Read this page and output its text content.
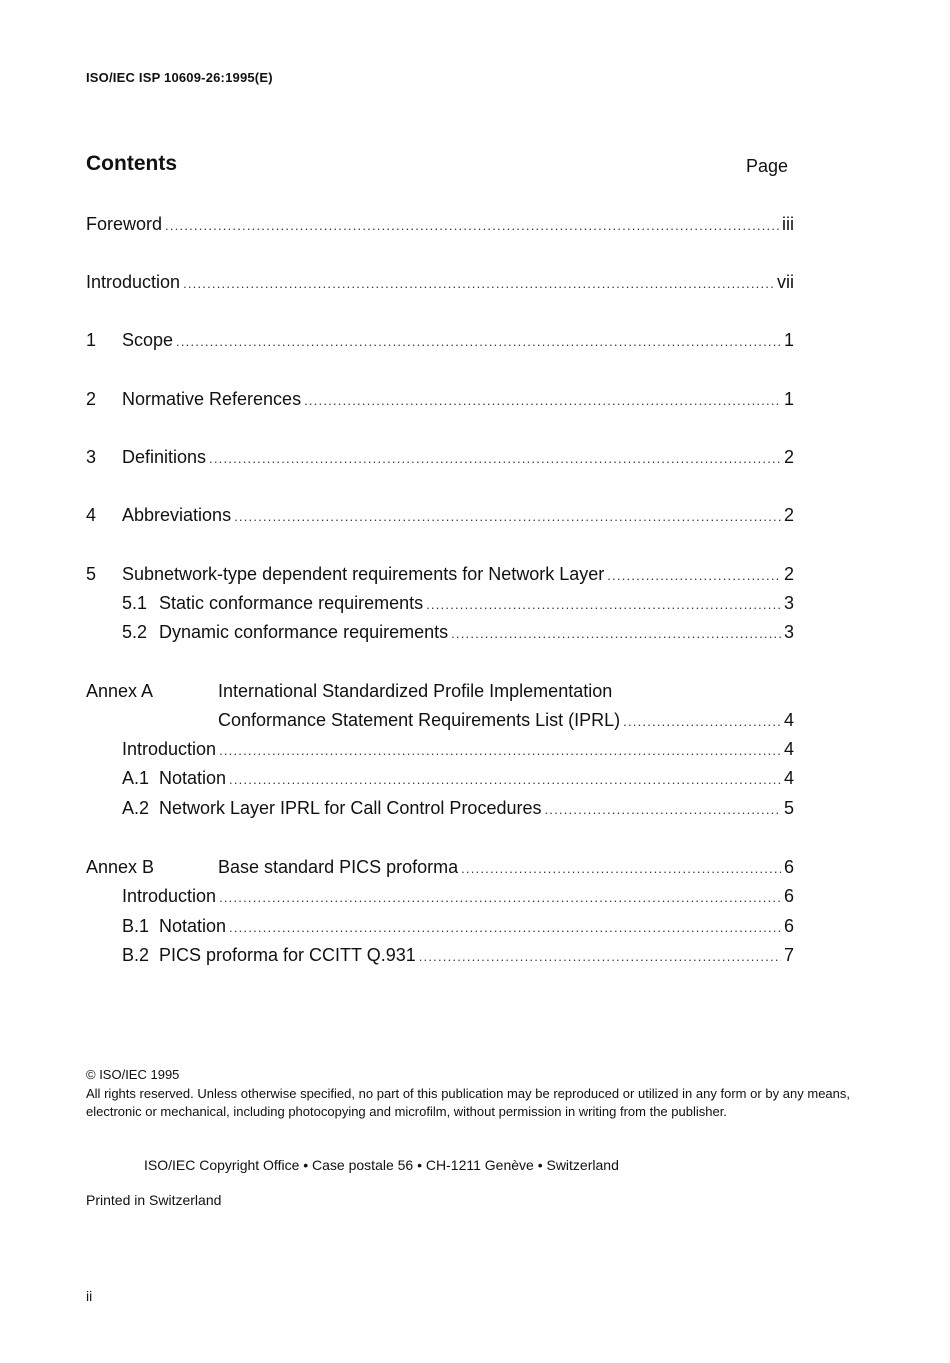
ISO/IEC ISP 10609-26:1995(E)
Contents	Page
Foreword .....	iii
Introduction .....	vii
1	Scope .....	1
2	Normative References .....	1
3	Definitions .....	2
4	Abbreviations .....	2
5	Subnetwork-type dependent requirements for Network Layer .....	2
5.1 Static conformance requirements .....	3
5.2 Dynamic conformance requirements .....	3
Annex A	International Standardized Profile Implementation
Conformance Statement Requirements List (IPRL) .....	4
Introduction .....	4
A.1 Notation .....	4
A.2 Network Layer IPRL for Call Control Procedures .....	5
Annex B	Base standard PICS proforma .....	6
Introduction .....	6
B.1 Notation .....	6
B.2 PICS proforma for CCITT Q.931 .....	7
© ISO/IEC 1995
All rights reserved. Unless otherwise specified, no part of this publication may be reproduced or utilized in any form or by any means, electronic or mechanical, including photocopying and microfilm, without permission in writing from the publisher.
ISO/IEC Copyright Office • Case postale 56 • CH-1211 Genève • Switzerland
Printed in Switzerland
ii
